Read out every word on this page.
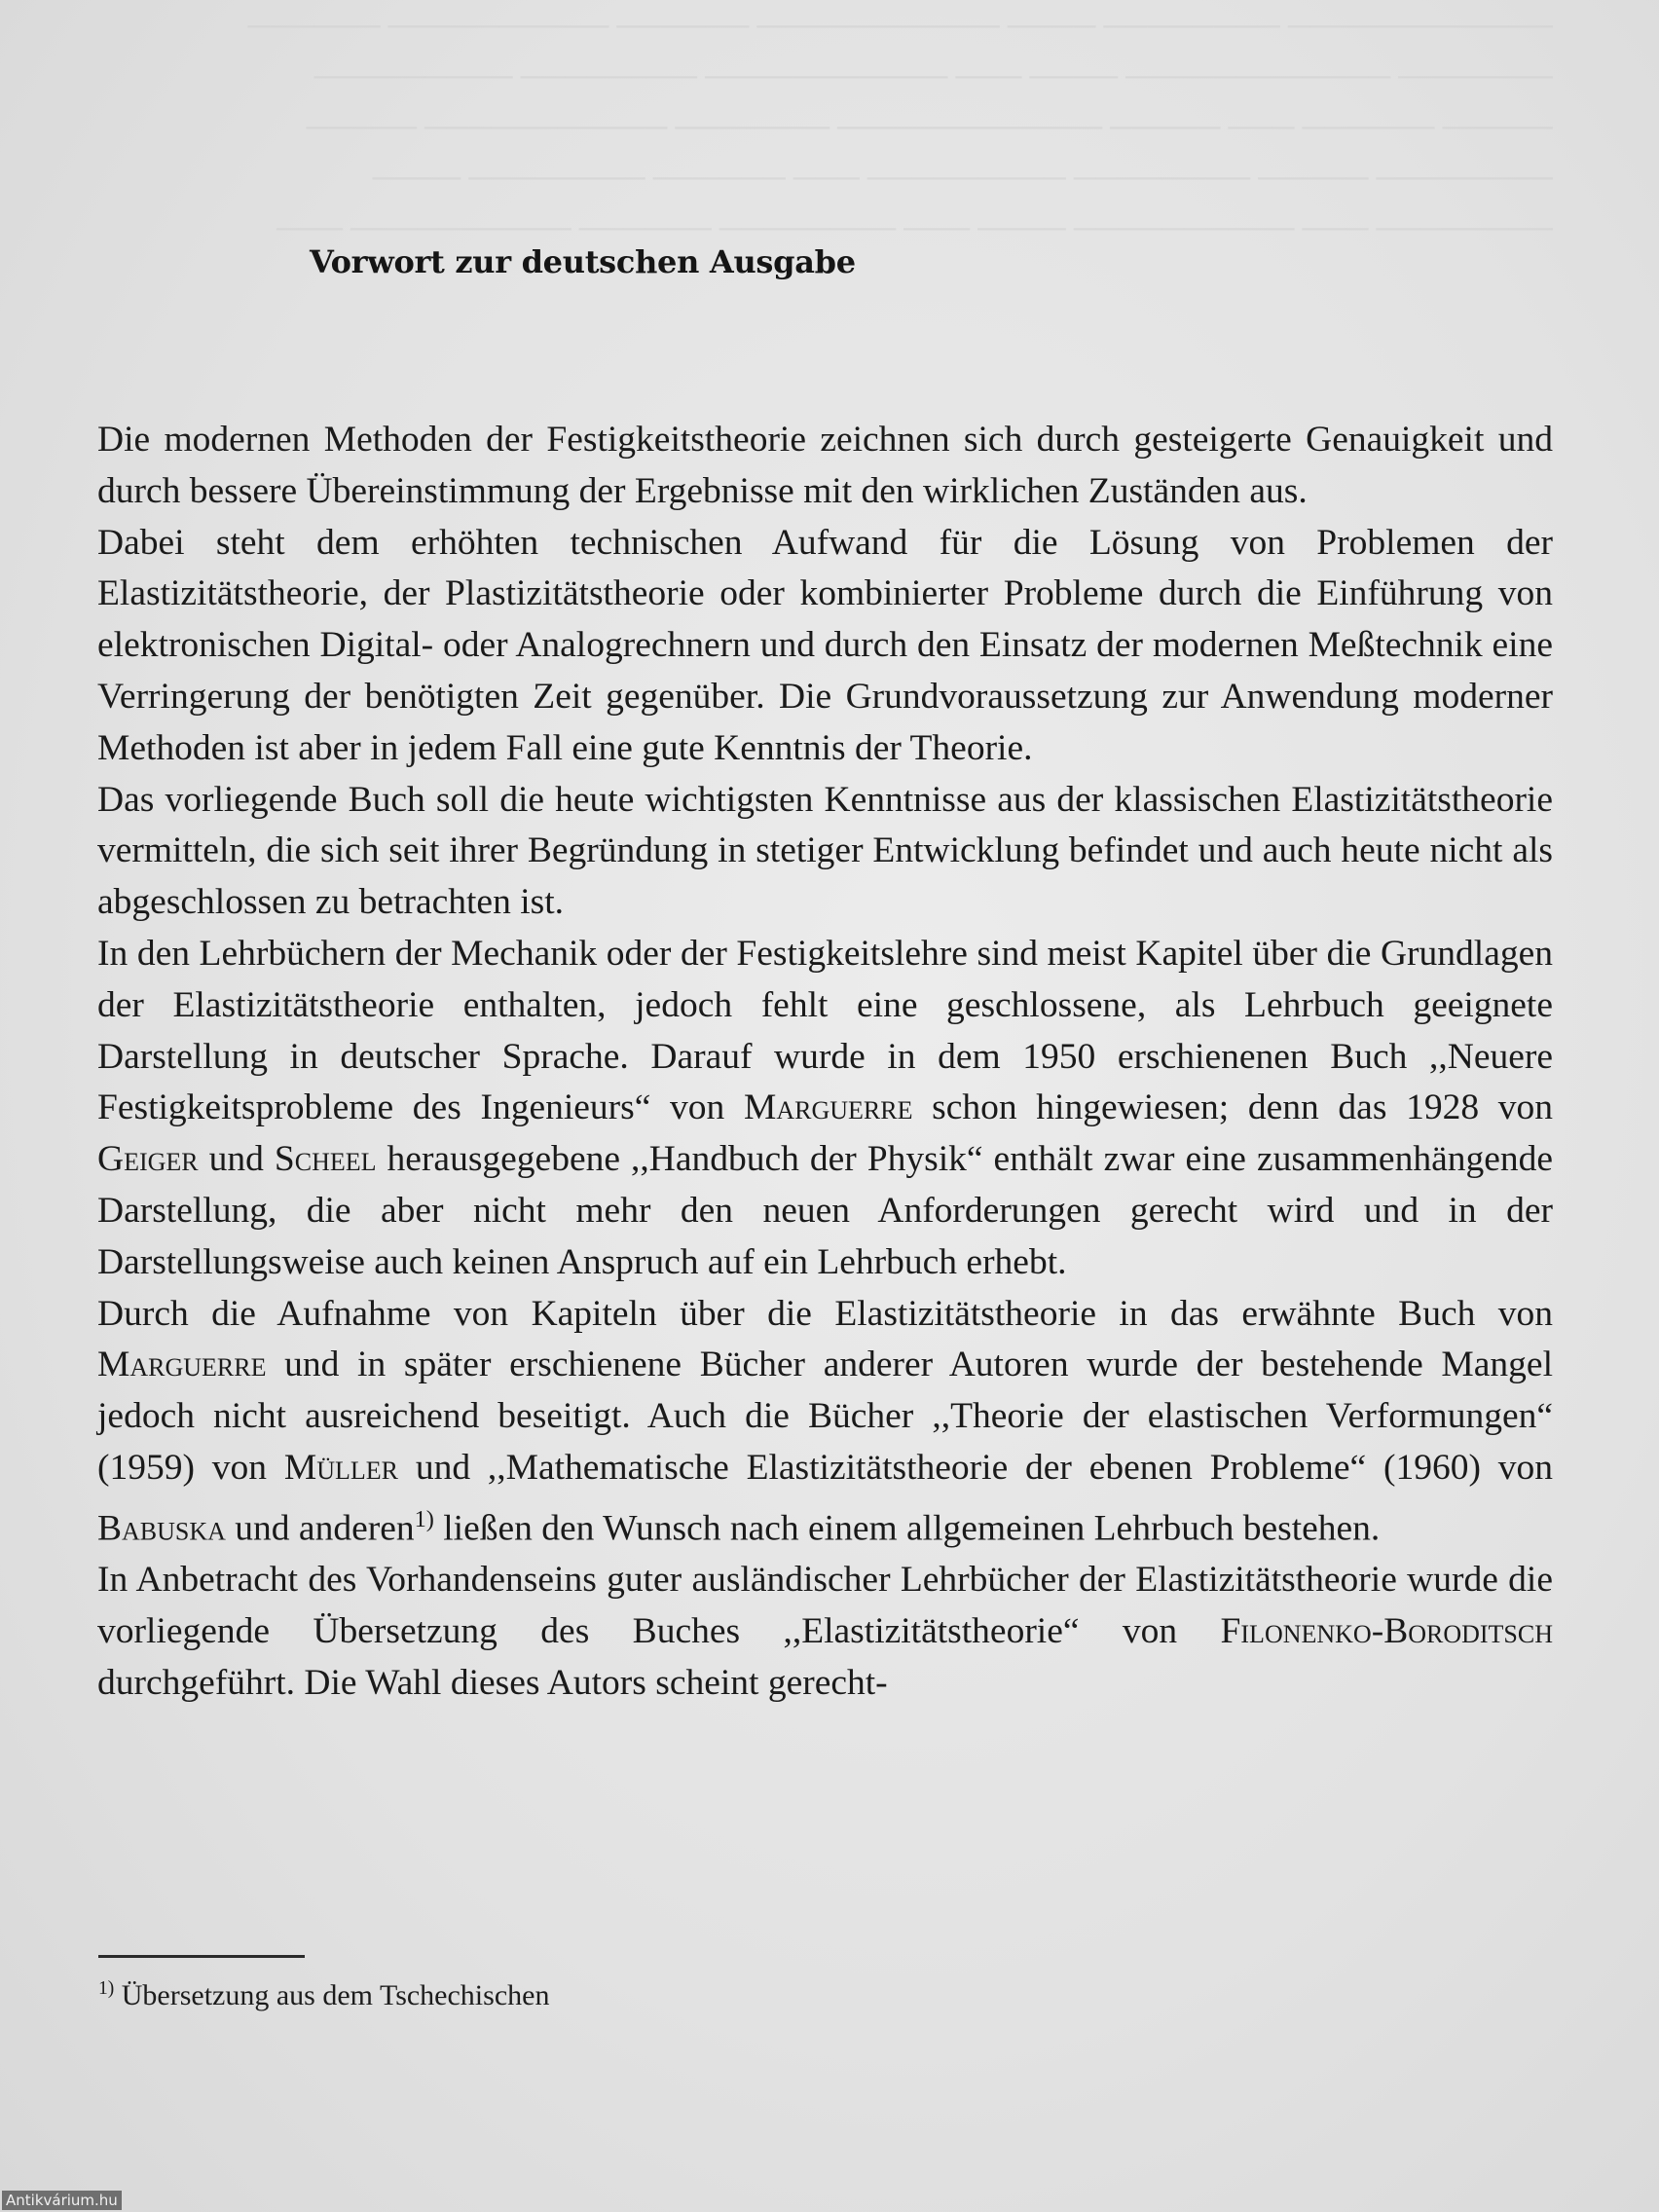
──────────── ──────── ──── ─────────── ────── ────────── ──────
─────── ──────────── ──── ─── ─────────── ──────── ─────────
───── ────── ─── ───── ──────────── ─────── ─────────── ─────
──────── ───── ──────── ───────── ─── ────── ──────── ────
──────── ─── ────────── ──── ─── ──────── ────── ────────── ───
Vorwort zur deutschen Ausgabe

Die modernen Methoden der Festigkeitstheorie zeichnen sich durch gesteigerte Genauigkeit und durch bessere Übereinstimmung der Ergebnisse mit den wirklichen Zuständen aus.

Dabei steht dem erhöhten technischen Aufwand für die Lösung von Problemen der Elastizitätstheorie, der Plastizitätstheorie oder kombinierter Probleme durch die Einführung von elektronischen Digital- oder Analogrechnern und durch den Einsatz der modernen Meßtechnik eine Verringerung der benötigten Zeit gegenüber. Die Grundvoraussetzung zur Anwendung moderner Methoden ist aber in jedem Fall eine gute Kenntnis der Theorie.

Das vorliegende Buch soll die heute wichtigsten Kenntnisse aus der klassischen Elastizitätstheorie vermitteln, die sich seit ihrer Begründung in stetiger Entwicklung befindet und auch heute nicht als abgeschlossen zu betrachten ist.

In den Lehrbüchern der Mechanik oder der Festigkeitslehre sind meist Kapitel über die Grundlagen der Elastizitätstheorie enthalten, jedoch fehlt eine geschlossene, als Lehrbuch geeignete Darstellung in deutscher Sprache. Darauf wurde in dem 1950 erschienenen Buch ,,Neuere Festigkeitsprobleme des Ingenieurs“ von Marguerre schon hingewiesen; denn das 1928 von Geiger und Scheel herausgegebene ,,Handbuch der Physik“ enthält zwar eine zusammenhängende Darstellung, die aber nicht mehr den neuen Anforderungen gerecht wird und in der Darstellungsweise auch keinen Anspruch auf ein Lehrbuch erhebt.

Durch die Aufnahme von Kapiteln über die Elastizitätstheorie in das erwähnte Buch von Marguerre und in später erschienene Bücher anderer Autoren wurde der bestehende Mangel jedoch nicht ausreichend beseitigt. Auch die Bücher ,,Theorie der elastischen Verformungen“ (1959) von Müller und ,,Mathematische Elastizitätstheorie der ebenen Probleme“ (1960) von Babuska und anderen$^{1)}$ ließen den Wunsch nach einem allgemeinen Lehrbuch bestehen.

In Anbetracht des Vorhandenseins guter ausländischer Lehrbücher der Elastizitätstheorie wurde die vorliegende Übersetzung des Buches ,,Elastizitätstheorie“ von Filonenko-Boroditsch durchgeführt. Die Wahl dieses Autors scheint gerecht-

$^{1)}$ Übersetzung aus dem Tschechischen
Antikvárium.hu
